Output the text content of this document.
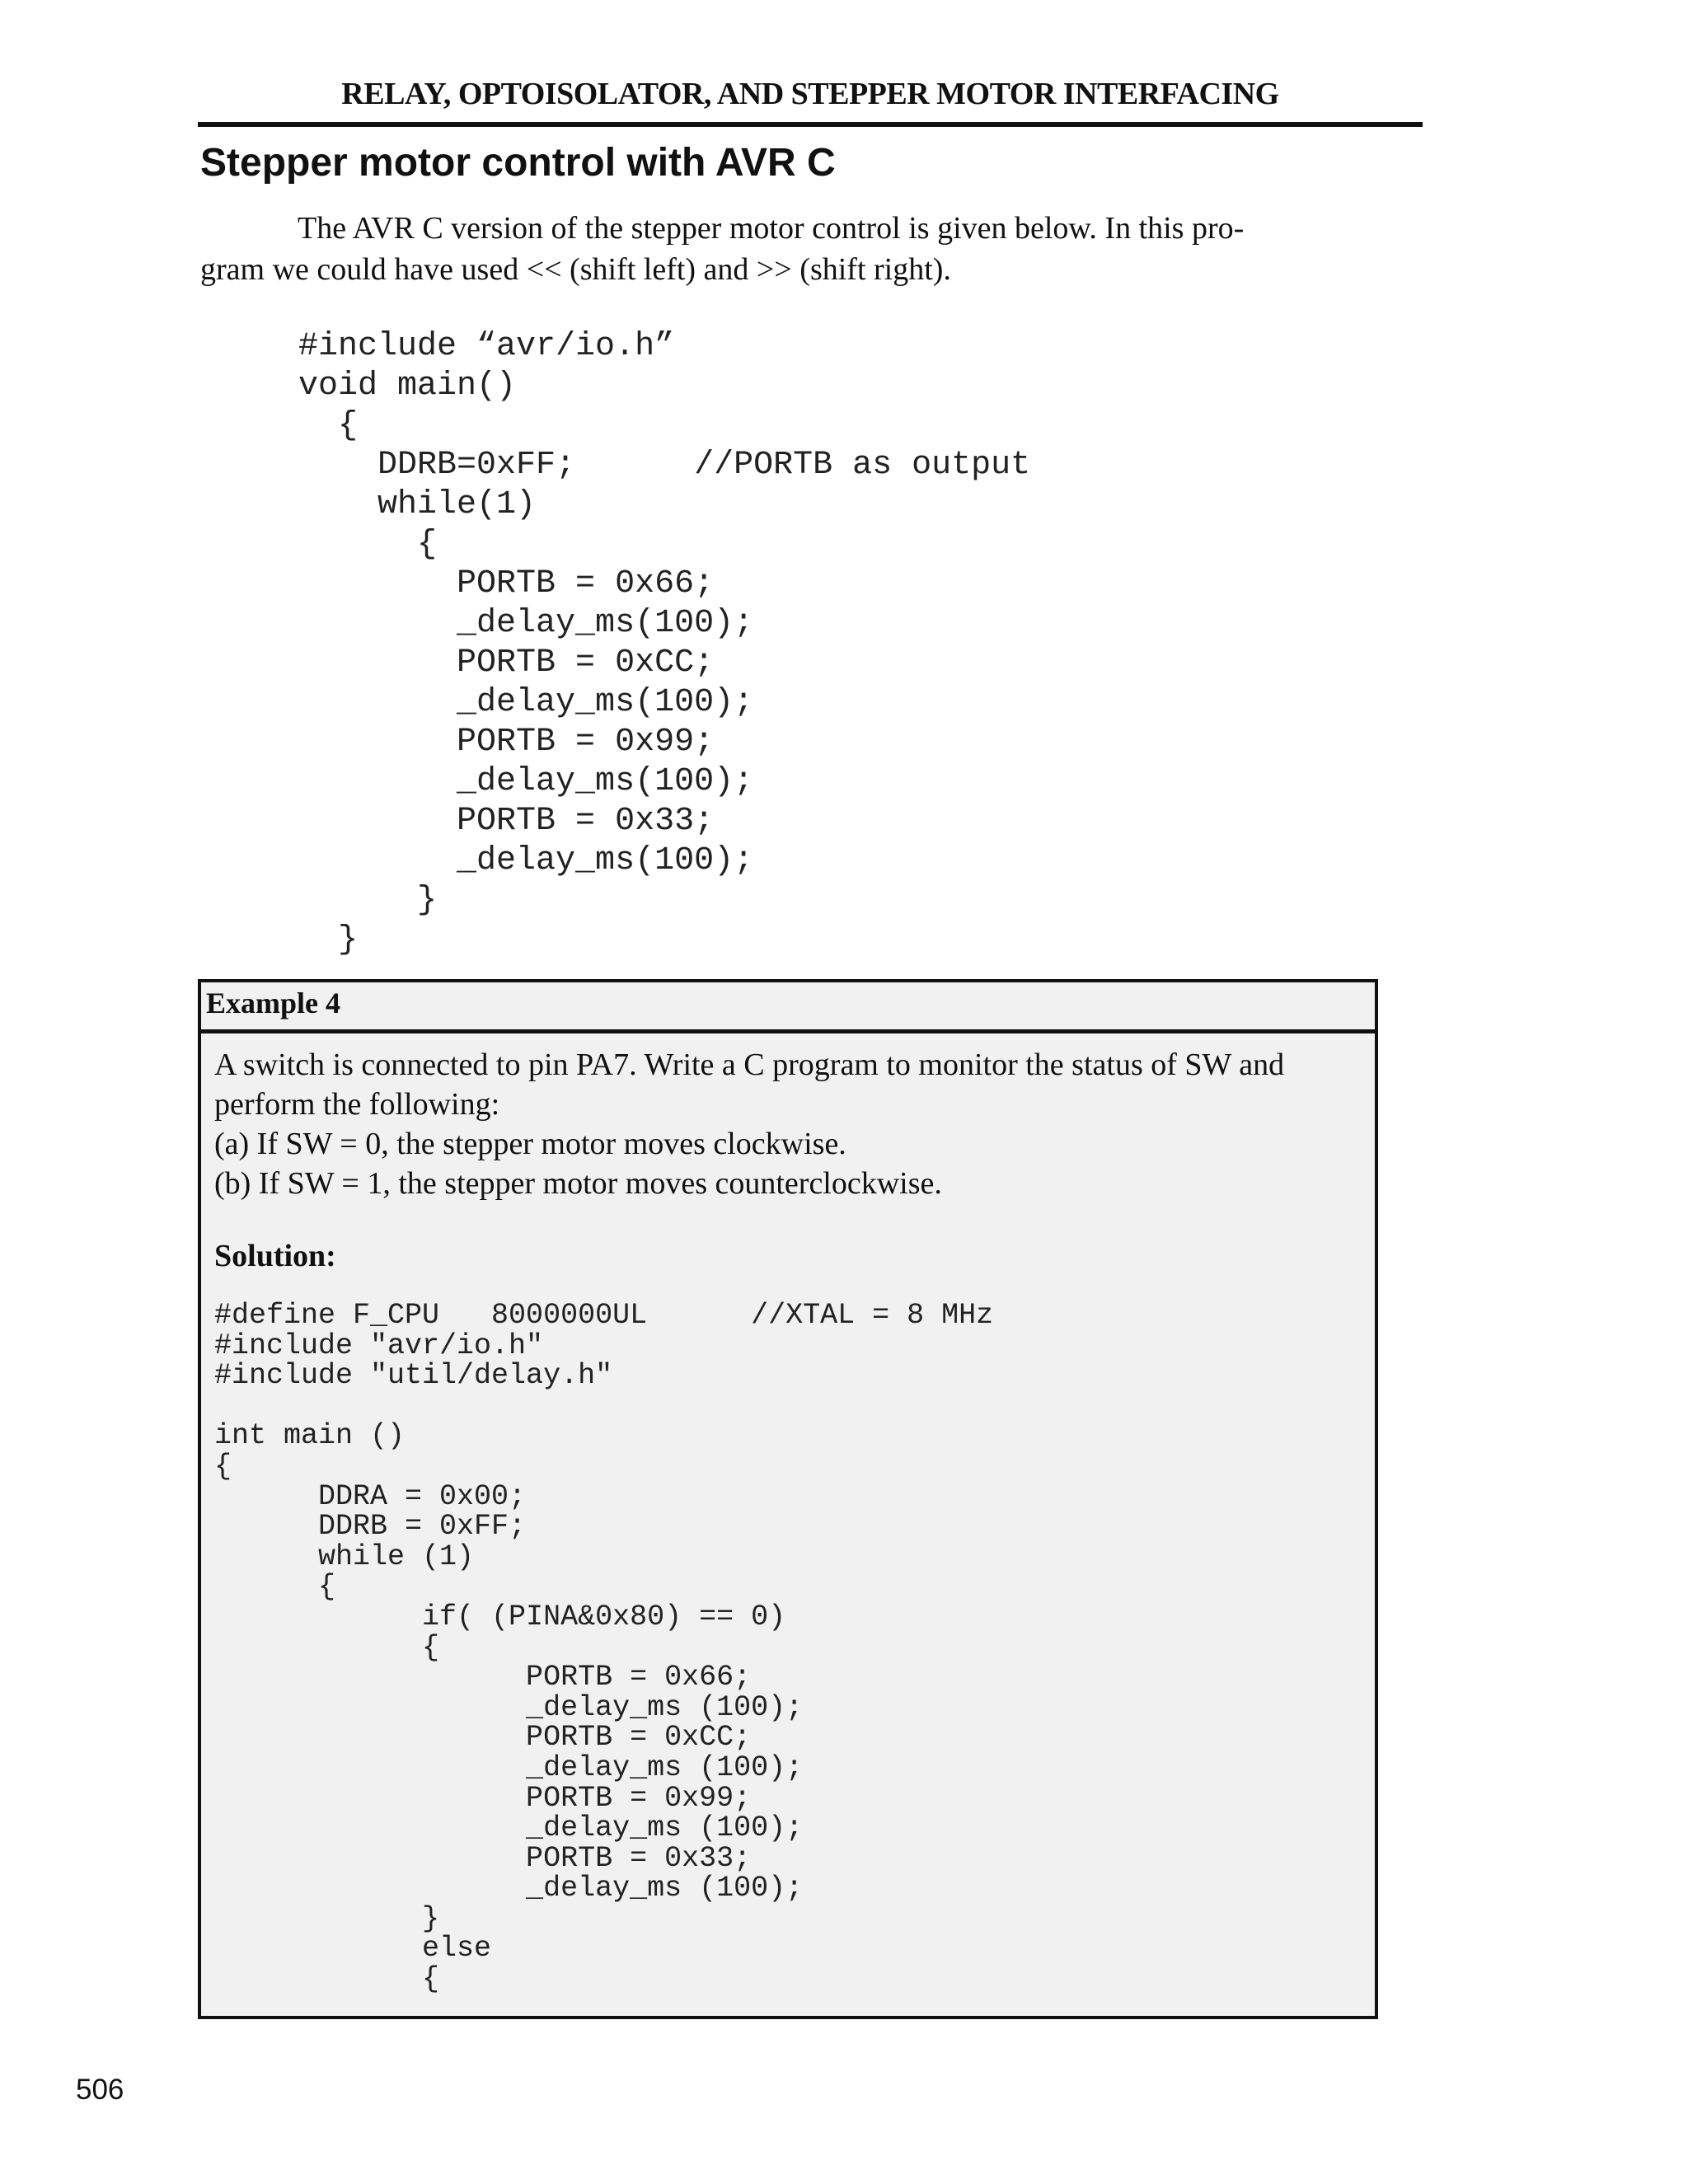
RELAY, OPTOISOLATOR, AND STEPPER MOTOR INTERFACING
Stepper motor control with AVR C
The AVR C version of the stepper motor control is given below. In this pro-
gram we could have used << (shift left) and >> (shift right).
#include “avr/io.h”
void main()
{
DDRB=0xFF;      //PORTB as output
while(1)
{
PORTB = 0x66;
_delay_ms(100);
PORTB = 0xCC;
_delay_ms(100);
PORTB = 0x99;
_delay_ms(100);
PORTB = 0x33;
_delay_ms(100);
}
}
Example 4
A switch is connected to pin PA7. Write a C program to monitor the status of SW and
perform the following:
(a) If SW = 0, the stepper motor moves clockwise.
(b) If SW = 1, the stepper motor moves counterclockwise.
Solution:
#define F_CPU   8000000UL      //XTAL = 8 MHz
#include "avr/io.h"
#include "util/delay.h"

int main ()
{
DDRA = 0x00;
DDRB = 0xFF;
while (1)
{
if( (PINA&0x80) == 0)
{
PORTB = 0x66;
_delay_ms (100);
PORTB = 0xCC;
_delay_ms (100);
PORTB = 0x99;
_delay_ms (100);
PORTB = 0x33;
_delay_ms (100);
}
else
{
506
